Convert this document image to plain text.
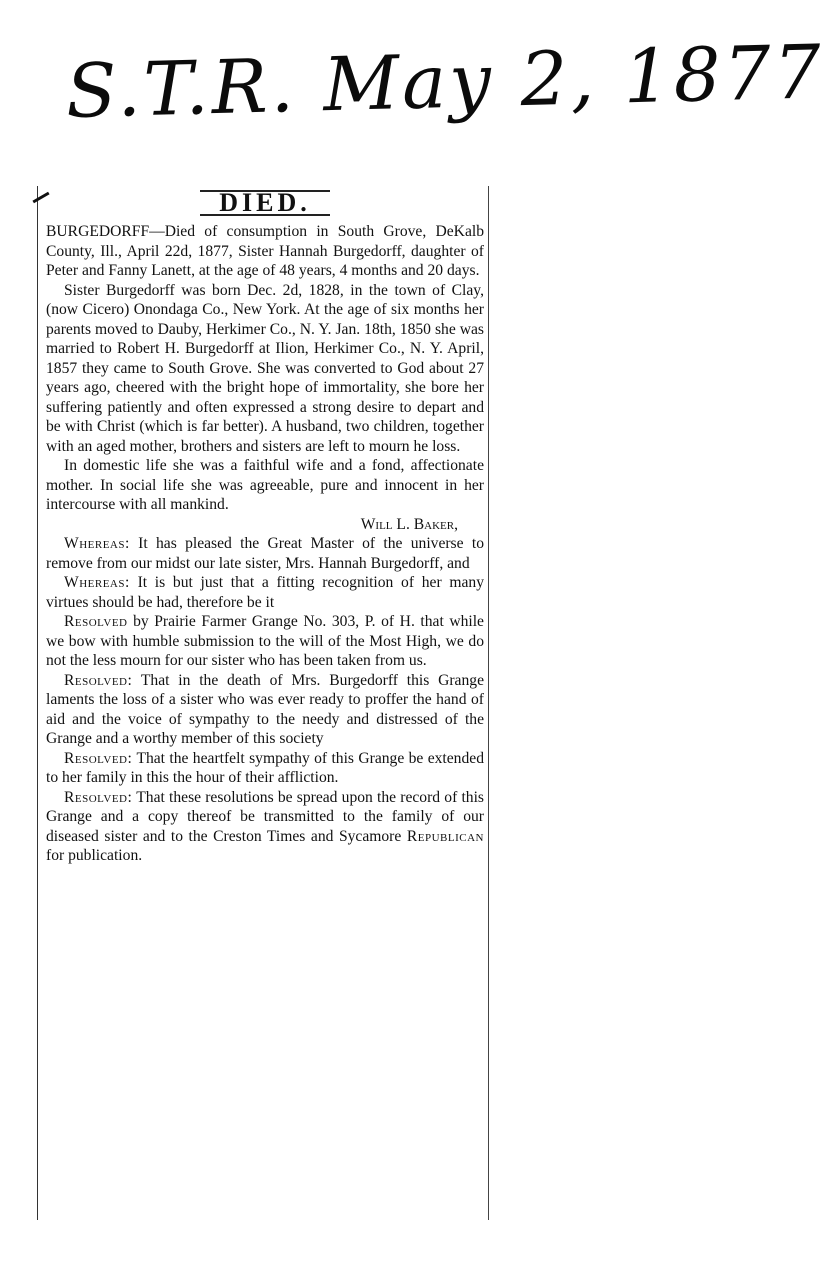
S.T.R. May 2, 1877
DIED.

BURGEDORFF—Died of consumption in South Grove, DeKalb County, Ill., April 22d, 1877, Sister Hannah Burgedorff, daughter of Peter and Fanny Lanett, at the age of 48 years, 4 months and 20 days.

Sister Burgedorff was born Dec. 2d, 1828, in the town of Clay, (now Cicero) Onondaga Co., New York. At the age of six months her parents moved to Dauby, Herkimer Co., N. Y. Jan. 18th, 1850 she was married to Robert H. Burgedorff at Ilion, Herkimer Co., N. Y. April, 1857 they came to South Grove. She was converted to God about 27 years ago, cheered with the bright hope of immortality, she bore her suffering patiently and often expressed a strong desire to depart and be with Christ (which is far better). A husband, two children, together with an aged mother, brothers and sisters are left to mourn he loss.

In domestic life she was a faithful wife and a fond, affectionate mother. In social life she was agreeable, pure and innocent in her intercourse with all mankind.

Will L. Baker,

Whereas: It has pleased the Great Master of the universe to remove from our midst our late sister, Mrs. Hannah Burgedorff, and

Whereas: It is but just that a fitting recognition of her many virtues should be had, therefore be it

Resolved by Prairie Farmer Grange No. 303, P. of H. that while we bow with humble submission to the will of the Most High, we do not the less mourn for our sister who has been taken from us.

Resolved: That in the death of Mrs. Burgedorff this Grange laments the loss of a sister who was ever ready to proffer the hand of aid and the voice of sympathy to the needy and distressed of the Grange and a worthy member of this society

Resolved: That the heartfelt sympathy of this Grange be extended to her family in this the hour of their affliction.

Resolved: That these resolutions be spread upon the record of this Grange and a copy thereof be transmitted to the family of our diseased sister and to the Creston Times and Sycamore Republican for publication.
